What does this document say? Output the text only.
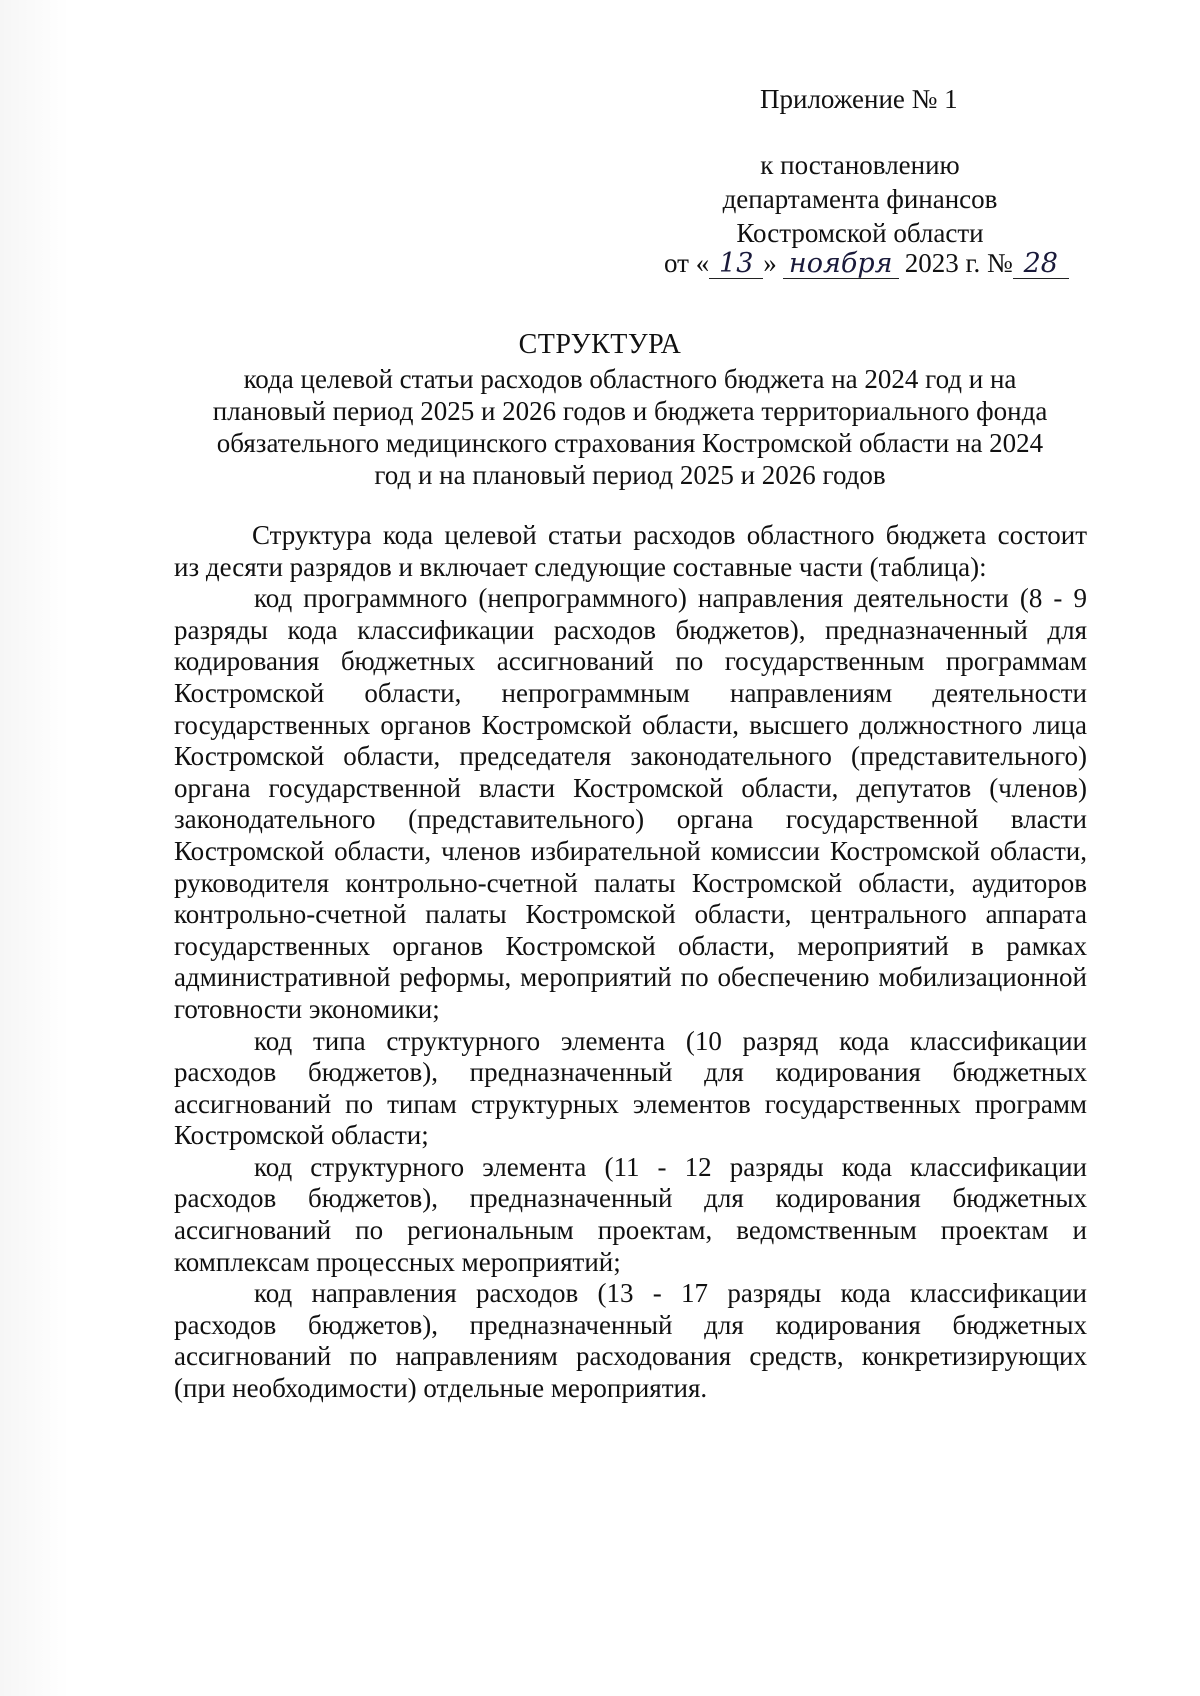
Приложение № 1
к постановлению
департамента финансов
Костромской области
от « 13 » ноября 2023 г. № 28
СТРУКТУРА
кода целевой статьи расходов областного бюджета на 2024 год и на
плановый период 2025 и 2026 годов и бюджета территориального фонда
обязательного медицинского страхования Костромской области на 2024
год и на плановый период 2025 и 2026 годов

Структура кода целевой статьи расходов областного бюджета состоит из десяти разрядов и включает следующие составные части (таблица):

код программного (непрограммного) направления деятельности (8 - 9 разряды кода классификации расходов бюджетов), предназначенный для кодирования бюджетных ассигнований по государственным программам Костромской области, непрограммным направлениям деятельности государственных органов Костромской области, высшего должностного лица Костромской области, председателя законодательного (представительного) органа государственной власти Костромской области, депутатов (членов) законодательного (представительного) органа государственной власти Костромской области, членов избирательной комиссии Костромской области, руководителя контрольно-счетной палаты Костромской области, аудиторов контрольно-счетной палаты Костромской области, центрального аппарата государственных органов Костромской области, мероприятий в рамках административной реформы, мероприятий по обеспечению мобилизационной готовности экономики;

код типа структурного элемента (10 разряд кода классификации расходов бюджетов), предназначенный для кодирования бюджетных ассигнований по типам структурных элементов государственных программ Костромской области;

код структурного элемента (11 - 12 разряды кода классификации расходов бюджетов), предназначенный для кодирования бюджетных ассигнований по региональным проектам, ведомственным проектам и комплексам процессных мероприятий;

код направления расходов (13 - 17 разряды кода классификации расходов бюджетов), предназначенный для кодирования бюджетных ассигнований по направлениям расходования средств, конкретизирующих (при необходимости) отдельные мероприятия.
